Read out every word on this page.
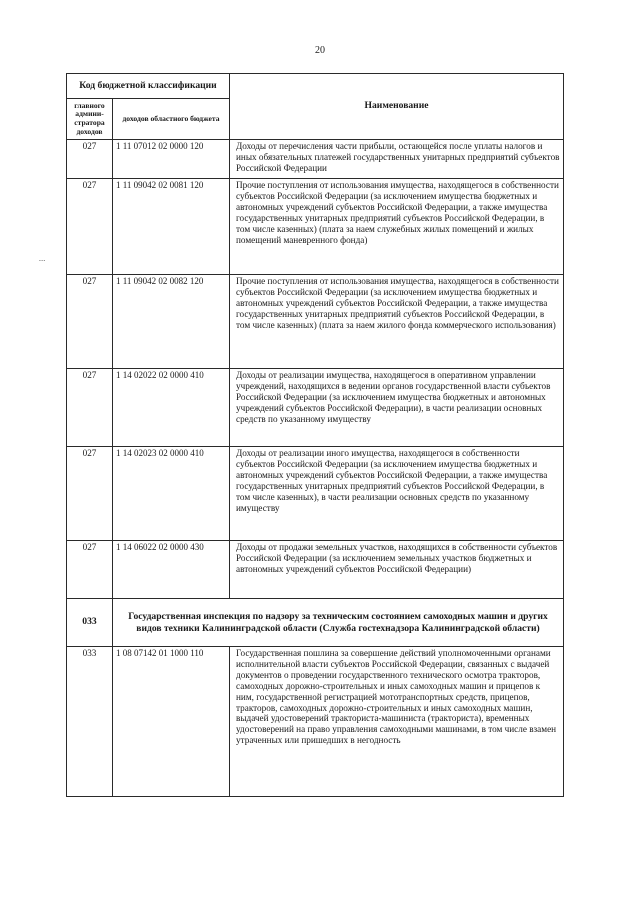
20
⁝
Код бюджетной классификации		Наименование
главного админи-стратора доходов	доходов областного бюджета	
027	1 11 07012 02 0000 120	Доходы от перечисления части прибыли, остающейся после уплаты налогов и иных обязательных платежей государственных унитарных предприятий субъектов Российской Федерации
027	1 11 09042 02 0081 120	Прочие поступления от использования имущества, находящегося в собственности субъектов Российской Федерации (за исключением имущества бюджетных и автономных учреждений субъектов Российской Федерации, а также имущества государственных унитарных предприятий субъектов Российской Федерации, в том числе казенных) (плата за наем служебных жилых помещений и жилых помещений маневренного фонда)
027	1 11 09042 02 0082 120	Прочие поступления от использования имущества, находящегося в собственности субъектов Российской Федерации (за исключением имущества бюджетных и автономных учреждений субъектов Российской Федерации, а также имущества государственных унитарных предприятий субъектов Российской Федерации, в том числе казенных) (плата за наем жилого фонда коммерческого использования)
027	1 14 02022 02 0000 410	Доходы от реализации имущества, находящегося в оперативном управлении учреждений, находящихся в ведении органов государственной власти субъектов Российской Федерации (за исключением имущества бюджетных и автономных учреждений субъектов Российской Федерации), в части реализации основных средств по указанному имуществу
027	1 14 02023 02 0000 410	Доходы от реализации иного имущества, находящегося в собственности субъектов Российской Федерации (за исключением имущества бюджетных и автономных учреждений субъектов Российской Федерации, а также имущества государственных унитарных предприятий субъектов Российской Федерации, в том числе казенных), в части реализации основных средств по указанному имуществу
027	1 14 06022 02 0000 430	Доходы от продажи земельных участков, находящихся в собственности субъектов Российской Федерации (за исключением земельных участков бюджетных и автономных учреждений субъектов Российской Федерации)
033	Государственная инспекция по надзору за техническим состоянием самоходных машин и других видов техники Калининградской области (Служба гостехнадзора Калининградской области)	
033	1 08 07142 01 1000 110	Государственная пошлина за совершение действий уполномоченными органами исполнительной власти субъектов Российской Федерации, связанных с выдачей документов о проведении государственного технического осмотра тракторов, самоходных дорожно-строительных и иных самоходных машин и прицепов к ним, государственной регистрацией мототранспортных средств, прицепов, тракторов, самоходных дорожно-строительных и иных самоходных машин, выдачей удостоверений тракториста-машиниста (тракториста), временных удостоверений на право управления самоходными машинами, в том числе взамен утраченных или пришедших в негодность
